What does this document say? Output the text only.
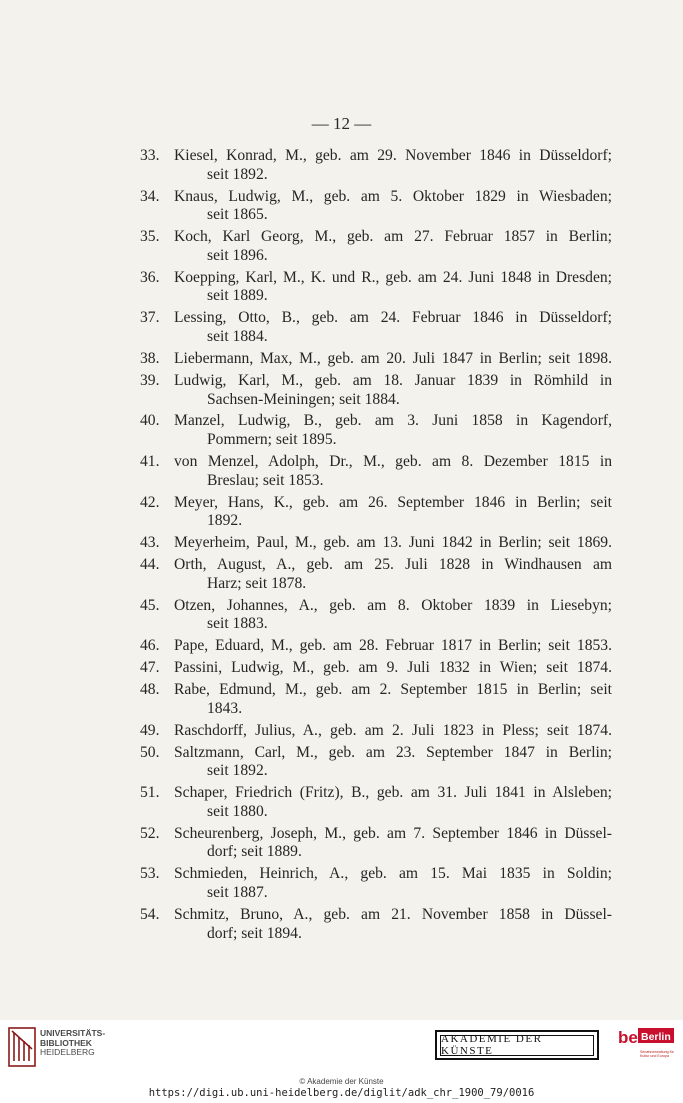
— 12 —
33. Kiesel, Konrad, M., geb. am 29. November 1846 in Düsseldorf;
seit 1892.
34. Knaus, Ludwig, M., geb. am 5. Oktober 1829 in Wiesbaden;
seit 1865.
35. Koch, Karl Georg, M., geb. am 27. Februar 1857 in Berlin;
seit 1896.
36. Koepping, Karl, M., K. und R., geb. am 24. Juni 1848 in Dresden;
seit 1889.
37. Lessing, Otto, B., geb. am 24. Februar 1846 in Düsseldorf;
seit 1884.
38. Liebermann, Max, M., geb. am 20. Juli 1847 in Berlin; seit 1898.
39. Ludwig, Karl, M., geb. am 18. Januar 1839 in Römhild in
Sachsen-Meiningen; seit 1884.
40. Manzel, Ludwig, B., geb. am 3. Juni 1858 in Kagendorf,
Pommern; seit 1895.
41. von Menzel, Adolph, Dr., M., geb. am 8. Dezember 1815 in
Breslau; seit 1853.
42. Meyer, Hans, K., geb. am 26. September 1846 in Berlin; seit
1892.
43. Meyerheim, Paul, M., geb. am 13. Juni 1842 in Berlin; seit 1869.
44. Orth, August, A., geb. am 25. Juli 1828 in Windhausen am
Harz; seit 1878.
45. Otzen, Johannes, A., geb. am 8. Oktober 1839 in Liesebyn;
seit 1883.
46. Pape, Eduard, M., geb. am 28. Februar 1817 in Berlin; seit 1853.
47. Passini, Ludwig, M., geb. am 9. Juli 1832 in Wien; seit 1874.
48. Rabe, Edmund, M., geb. am 2. September 1815 in Berlin; seit
1843.
49. Raschdorff, Julius, A., geb. am 2. Juli 1823 in Pless; seit 1874.
50. Saltzmann, Carl, M., geb. am 23. September 1847 in Berlin;
seit 1892.
51. Schaper, Friedrich (Fritz), B., geb. am 31. Juli 1841 in Alsleben;
seit 1880.
52. Scheurenberg, Joseph, M., geb. am 7. September 1846 in Düssel-
dorf; seit 1889.
53. Schmieden, Heinrich, A., geb. am 15. Mai 1835 in Soldin;
seit 1887.
54. Schmitz, Bruno, A., geb. am 21. November 1858 in Düssel-
dorf; seit 1894.
UNIVERSITÄTS-
BIBLIOTHEK
HEIDELBERG
AKADEMIE DER KÜNSTE
be Berlin
Senatsverwaltung für Kultur und Europa
© Akademie der Künste
https://digi.ub.uni-heidelberg.de/diglit/adk_chr_1900_79/0016
